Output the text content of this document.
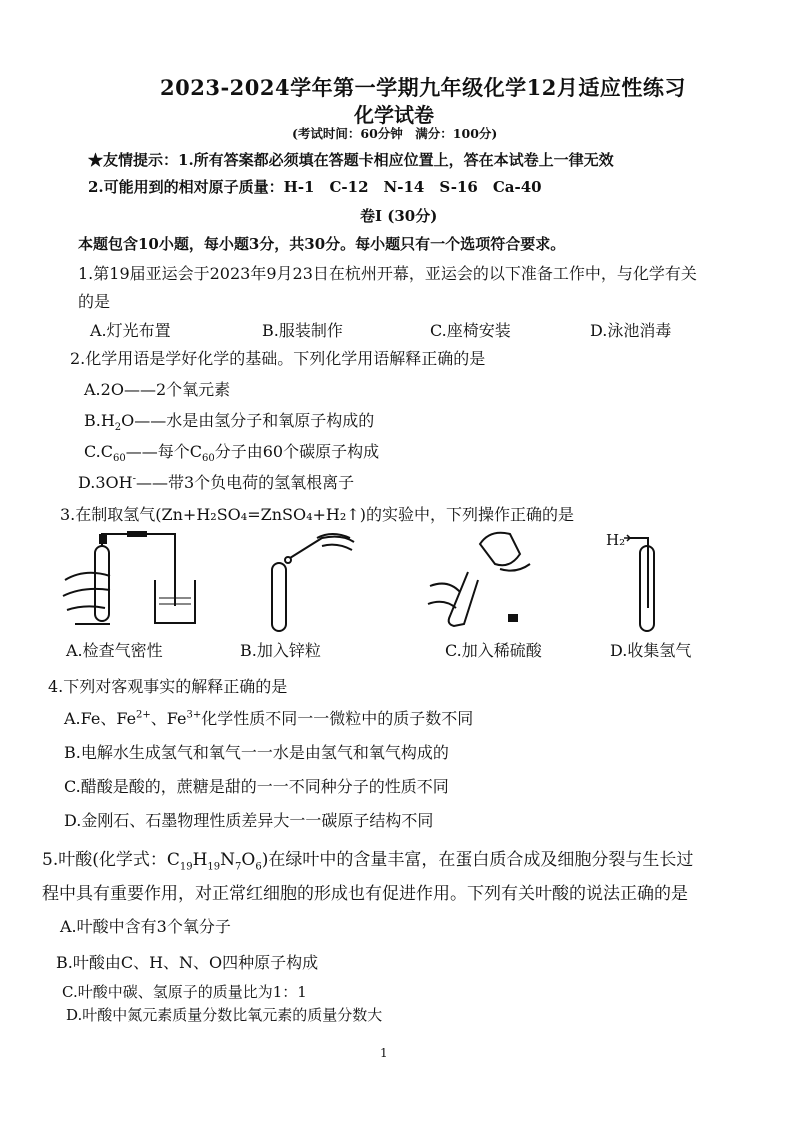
2023-2024学年第一学期九年级化学12月适应性练习
化学试卷
(考试时间：60分钟　满分：100分)
★友情提示：1.所有答案都必须填在答题卡相应位置上，答在本试卷上一律无效
2.可能用到的相对原子质量：H-1　C-12　N-14　S-16　Ca-40
卷I (30分)
本题包含10小题，每小题3分，共30分。每小题只有一个选项符合要求。
1.第19届亚运会于2023年9月23日在杭州开幕，亚运会的以下准备工作中，与化学有关
的是
A.灯光布置	B.服装制作	C.座椅安装	D.泳池消毒
2.化学用语是学好化学的基础。下列化学用语解释正确的是
A.2O——2个氧元素
$B.H_2O——$水是由氢分子和氧原子构成的
$C.C_{60}——$每个$C_{60}$分子由60个碳原子构成
D.3OH-——带3个负电荷的氢氧根离子
3.在制取氢气(Zn+H₂SO₄=ZnSO₄+H₂↑)的实验中，下列操作正确的是
H₂
A.检查气密性	B.加入锌粒	C.加入稀硫酸	D.收集氢气
4.下列对客观事实的解释正确的是
A.Fe、$Fe^{2+}$、$Fe^{3+}$化学性质不同一一微粒中的质子数不同
B.电解水生成氢气和氧气一一水是由氢气和氧气构成的
C.醋酸是酸的，蔗糖是甜的一一不同种分子的性质不同
D.金刚石、石墨物理性质差异大一一碳原子结构不同
5.叶酸(化学式：$C_{19}H_{19}N_7O_6$)在绿叶中的含量丰富，在蛋白质合成及细胞分裂与生长过
程中具有重要作用，对正常红细胞的形成也有促进作用。下列有关叶酸的说法正确的是
A.叶酸中含有3个氧分子
B.叶酸由C、H、N、O四种原子构成
C.叶酸中碳、氢原子的质量比为1：1
D.叶酸中氮元素质量分数比氧元素的质量分数大
1
